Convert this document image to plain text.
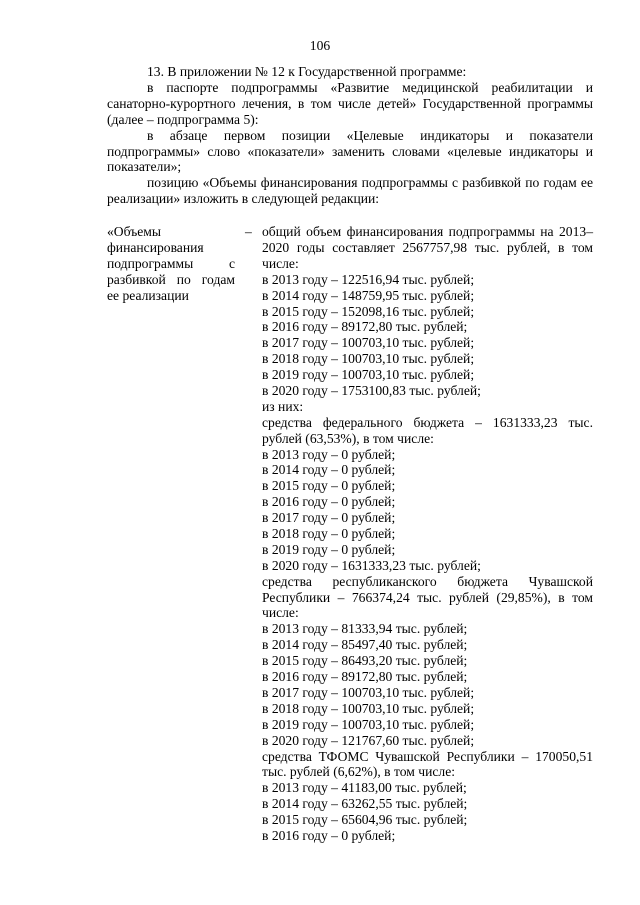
106

13. В приложении № 12 к Государственной программе:

в паспорте подпрограммы «Развитие медицинской реабилитации и санаторно-курортного лечения, в том числе детей» Государственной программы (далее – подпрограмма 5):

в абзаце первом позиции «Целевые индикаторы и показатели подпрограммы» слово «показатели» заменить словами «целевые индикаторы и показатели»;

позицию «Объемы финансирования подпрограммы с разбивкой по годам ее реализации» изложить в следующей редакции:

«Объемы финансирования подпрограммы с разбивкой по годам ее реализации
– общий объем финансирования подпрограммы на 2013–2020 годы составляет 2567757,98 тыс. рублей, в том числе:
в 2013 году – 122516,94 тыс. рублей;
в 2014 году – 148759,95 тыс. рублей;
в 2015 году – 152098,16 тыс. рублей;
в 2016 году – 89172,80 тыс. рублей;
в 2017 году – 100703,10 тыс. рублей;
в 2018 году – 100703,10 тыс. рублей;
в 2019 году – 100703,10 тыс. рублей;
в 2020 году – 1753100,83 тыс. рублей;
из них:
средства федерального бюджета – 1631333,23 тыс. рублей (63,53%), в том числе:
в 2013 году – 0 рублей;
в 2014 году – 0 рублей;
в 2015 году – 0 рублей;
в 2016 году – 0 рублей;
в 2017 году – 0 рублей;
в 2018 году – 0 рублей;
в 2019 году – 0 рублей;
в 2020 году – 1631333,23 тыс. рублей;
средства республиканского бюджета Чувашской Республики – 766374,24 тыс. рублей (29,85%), в том числе:
в 2013 году – 81333,94 тыс. рублей;
в 2014 году – 85497,40 тыс. рублей;
в 2015 году – 86493,20 тыс. рублей;
в 2016 году – 89172,80 тыс. рублей;
в 2017 году – 100703,10 тыс. рублей;
в 2018 году – 100703,10 тыс. рублей;
в 2019 году – 100703,10 тыс. рублей;
в 2020 году – 121767,60 тыс. рублей;
средства ТФОМС Чувашской Республики – 170050,51 тыс. рублей (6,62%), в том числе:
в 2013 году – 41183,00 тыс. рублей;
в 2014 году – 63262,55 тыс. рублей;
в 2015 году – 65604,96 тыс. рублей;
в 2016 году – 0 рублей;
